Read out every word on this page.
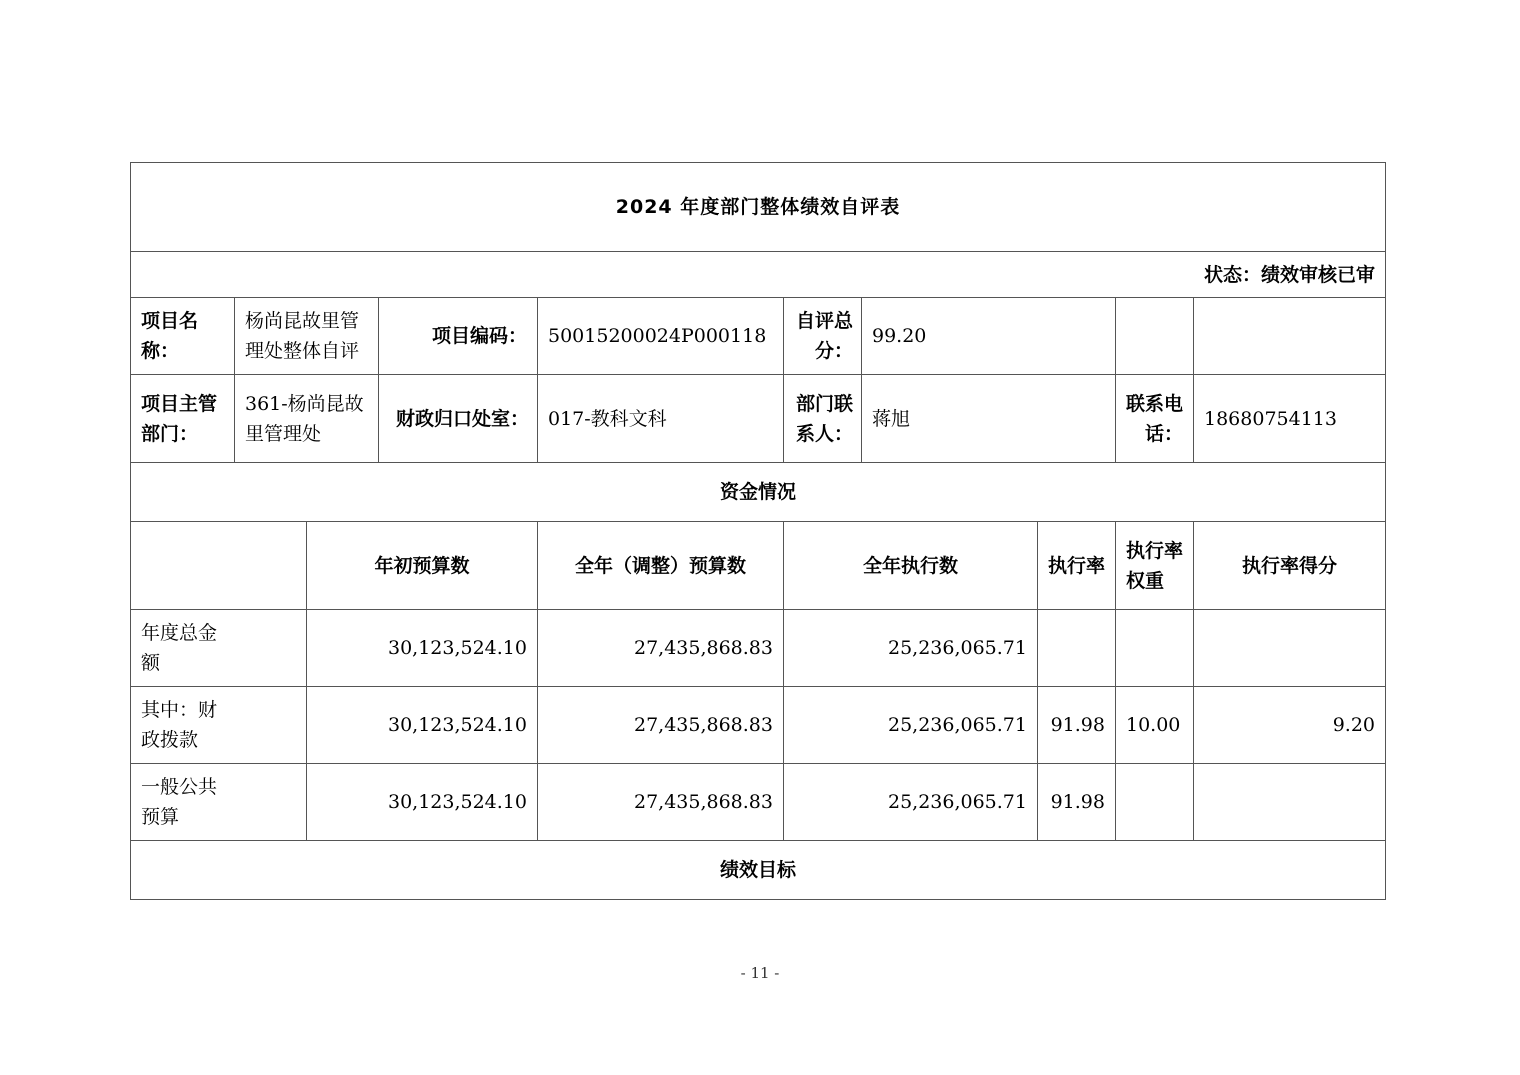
2024 年度部门整体绩效自评表									
状态：绩效审核已审									
项目名称：	杨尚昆故里管理处整体自评		项目编码：	50015200024P000118	自评总分：	99.20			
项目主管部门：	361-杨尚昆故里管理处		财政归口处室：	017-教科文科	部门联系人：	蒋旭		联系电话：	18680754113
资金情况									
		年初预算数		全年（调整）预算数	全年执行数		执行率	执行率权重	执行率得分
年度总金额		30,123,524.10		27,435,868.83	25,236,065.71				
其中：财政拨款		30,123,524.10		27,435,868.83	25,236,065.71		91.98	10.00	9.20
一般公共预算		30,123,524.10		27,435,868.83	25,236,065.71		91.98		
绩效目标									
- 11 -
